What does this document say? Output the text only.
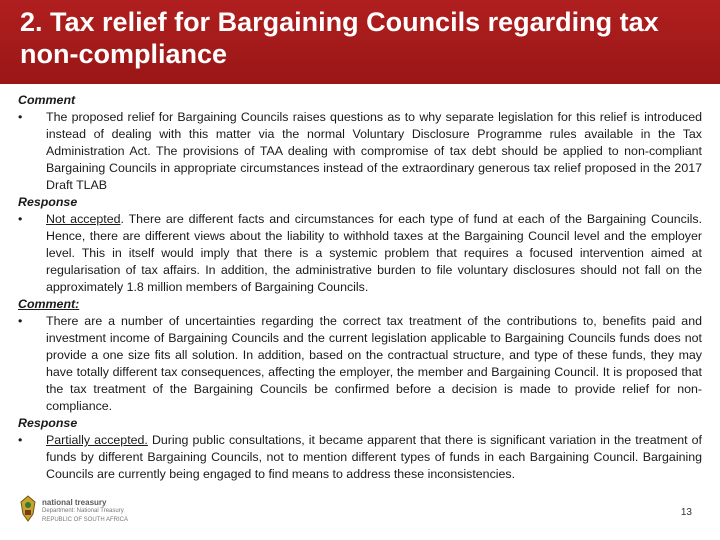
2. Tax relief for Bargaining Councils regarding tax non-compliance
Comment
•	The proposed relief for Bargaining Councils raises questions as to why separate legislation for this relief is introduced instead of dealing with this matter via the normal Voluntary Disclosure Programme rules available in the Tax Administration Act. The provisions of TAA dealing with compromise of tax debt should be applied to non-compliant Bargaining Councils in appropriate circumstances instead of the extraordinary generous tax relief proposed in the 2017 Draft TLAB
Response
•	Not accepted. There are different facts and circumstances for each type of fund at each of the Bargaining Councils. Hence, there are different views about the liability to withhold taxes at the Bargaining Council level and the employer level. This in itself would imply that there is a systemic problem that requires a focused intervention aimed at regularisation of tax affairs. In addition, the administrative burden to file voluntary disclosures should not fall on the approximately 1.8 million members of Bargaining Councils.
Comment:
•	There are a number of uncertainties regarding the correct tax treatment of the contributions to, benefits paid and investment income of Bargaining Councils and the current legislation applicable to Bargaining Councils funds does not provide a one size fits all solution. In addition, based on the contractual structure, and type of these funds, they may have totally different tax consequences, affecting the employer, the member and Bargaining Council. It is proposed that the tax treatment of the Bargaining Councils be confirmed before a decision is made to provide relief for non-compliance.
Response
•	Partially accepted. During public consultations, it became apparent that there is significant variation in the treatment of funds by different Bargaining Councils, not to mention different types of funds in each Bargaining Council. Bargaining Councils are currently being engaged to find means to address these inconsistencies.
national treasury
Department: National Treasury
REPUBLIC OF SOUTH AFRICA
13
